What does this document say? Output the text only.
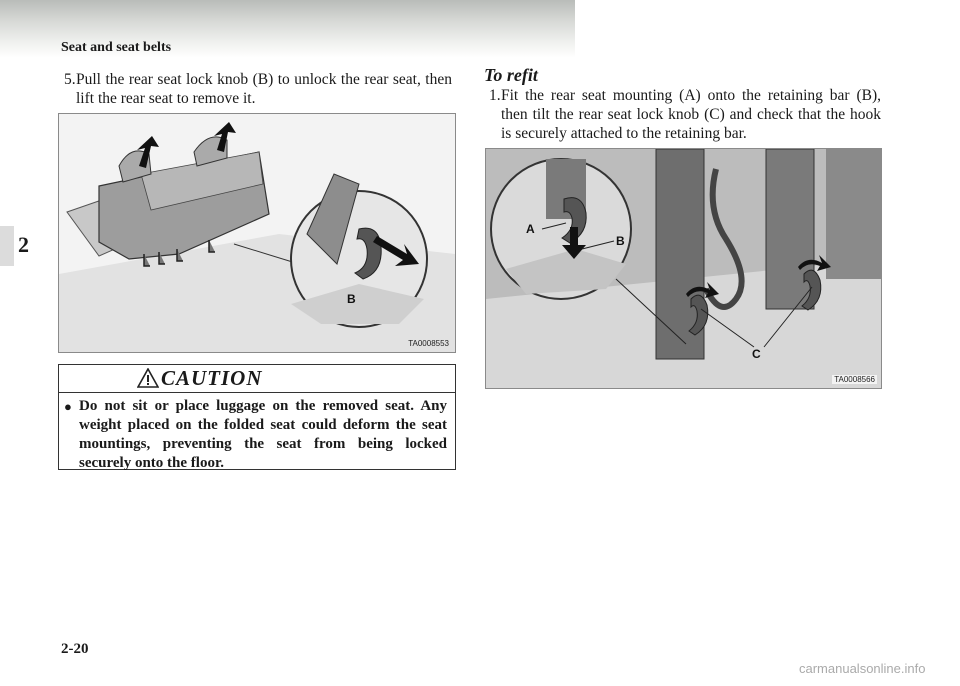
Seat and seat belts
2
5. Pull the rear seat lock knob (B) to unlock the rear seat, then lift the rear seat to remove it.
B
TA0008553
CAUTION
● Do not sit or place luggage on the removed seat. Any weight placed on the folded seat could deform the seat mountings, preventing the seat from being locked securely onto the floor.
To refit
1. Fit the rear seat mounting (A) onto the retaining bar (B), then tilt the rear seat lock knob (C) and check that the hook is securely attached to the retaining bar.
A
B
C
TA0008566
2-20
carmanualsonline.info
